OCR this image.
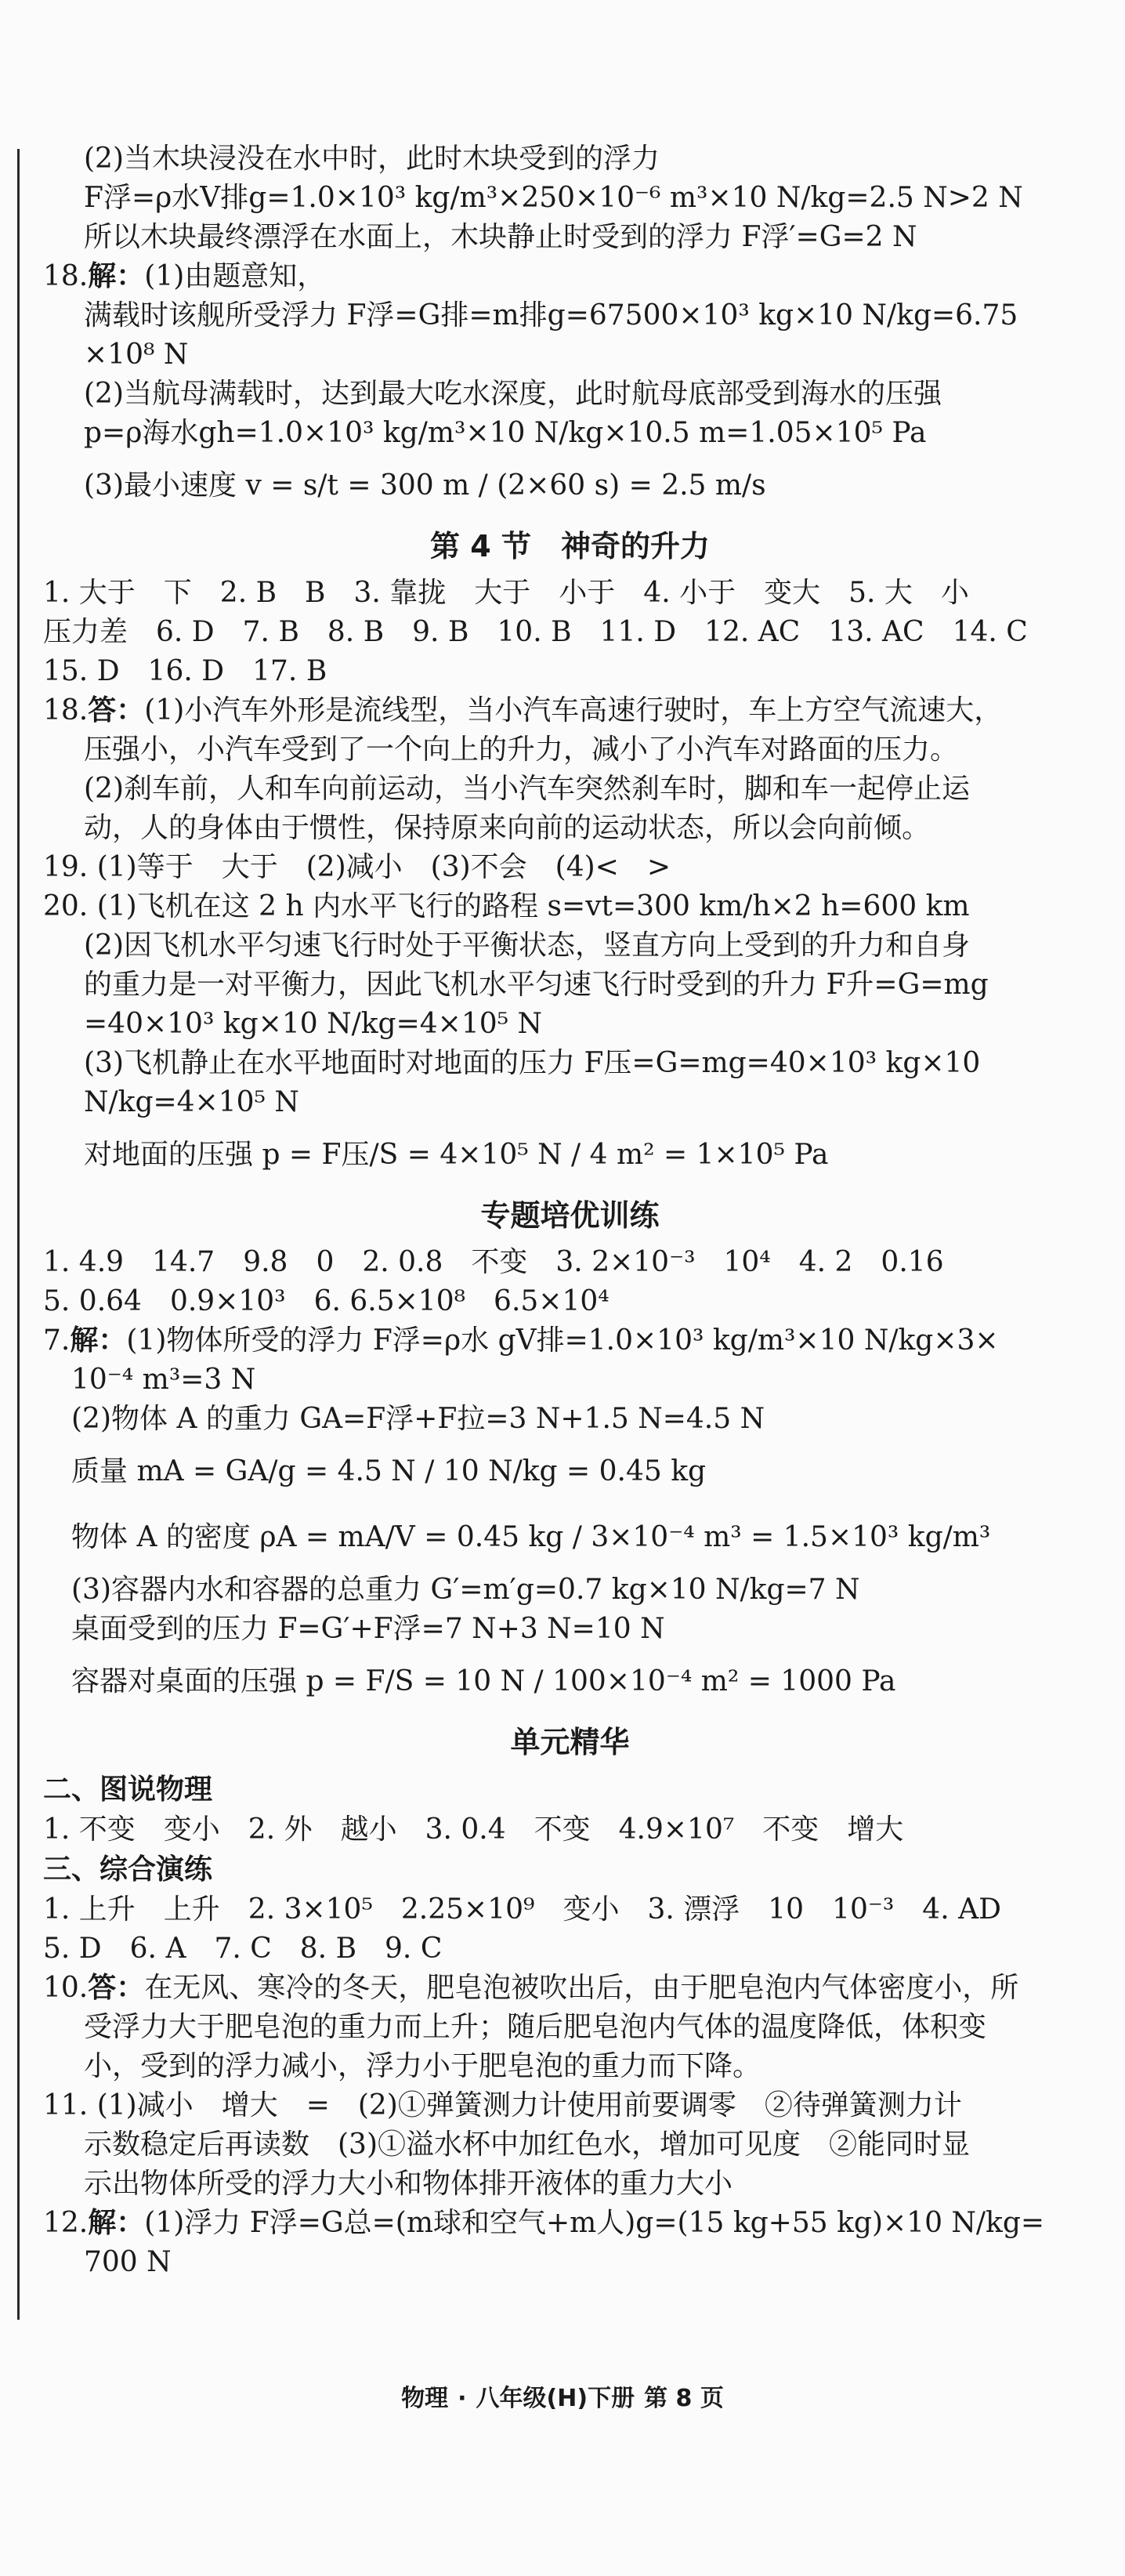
(2)当木块浸没在水中时，此时木块受到的浮力
F浮=ρ水V排g=1.0×10³ kg/m³×250×10⁻⁶ m³×10 N/kg=2.5 N>2 N
所以木块最终漂浮在水面上，木块静止时受到的浮力 F浮′=G=2 N
18.解：(1)由题意知，
满载时该舰所受浮力 F浮=G排=m排g=67500×10³ kg×10 N/kg=6.75
×10⁸ N
(2)当航母满载时，达到最大吃水深度，此时航母底部受到海水的压强
p=ρ海水gh=1.0×10³ kg/m³×10 N/kg×10.5 m=1.05×10⁵ Pa
(3)最小速度 v = s/t = 300 m / (2×60 s) = 2.5 m/s
第 4 节　神奇的升力
1. 大于　下　2. B　B　3. 靠拢　大于　小于　4. 小于　变大　5. 大　小
压力差　6. D　7. B　8. B　9. B　10. B　11. D　12. AC　13. AC　14. C
15. D　16. D　17. B
18.答：(1)小汽车外形是流线型，当小汽车高速行驶时，车上方空气流速大，
压强小，小汽车受到了一个向上的升力，减小了小汽车对路面的压力。
(2)刹车前，人和车向前运动，当小汽车突然刹车时，脚和车一起停止运
动，人的身体由于惯性，保持原来向前的运动状态，所以会向前倾。
19. (1)等于　大于　(2)减小　(3)不会　(4)<　>
20. (1)飞机在这 2 h 内水平飞行的路程 s=vt=300 km/h×2 h=600 km
(2)因飞机水平匀速飞行时处于平衡状态，竖直方向上受到的升力和自身
的重力是一对平衡力，因此飞机水平匀速飞行时受到的升力 F升=G=mg
=40×10³ kg×10 N/kg=4×10⁵ N
(3)飞机静止在水平地面时对地面的压力 F压=G=mg=40×10³ kg×10
N/kg=4×10⁵ N
对地面的压强 p = F压/S = 4×10⁵ N / 4 m² = 1×10⁵ Pa
专题培优训练
1. 4.9　14.7　9.8　0　2. 0.8　不变　3. 2×10⁻³　10⁴　4. 2　0.16
5. 0.64　0.9×10³　6. 6.5×10⁸　6.5×10⁴
7.解：(1)物体所受的浮力 F浮=ρ水 gV排=1.0×10³ kg/m³×10 N/kg×3×
10⁻⁴ m³=3 N
(2)物体 A 的重力 GA=F浮+F拉=3 N+1.5 N=4.5 N
质量 mA = GA/g = 4.5 N / 10 N/kg = 0.45 kg
物体 A 的密度 ρA = mA/V = 0.45 kg / 3×10⁻⁴ m³ = 1.5×10³ kg/m³
(3)容器内水和容器的总重力 G′=m′g=0.7 kg×10 N/kg=7 N
桌面受到的压力 F=G′+F浮=7 N+3 N=10 N
容器对桌面的压强 p = F/S = 10 N / 100×10⁻⁴ m² = 1000 Pa
单元精华
二、图说物理
1. 不变　变小　2. 外　越小　3. 0.4　不变　4.9×10⁷　不变　增大
三、综合演练
1. 上升　上升　2. 3×10⁵　2.25×10⁹　变小　3. 漂浮　10　10⁻³　4. AD
5. D　6. A　7. C　8. B　9. C
10.答：在无风、寒冷的冬天，肥皂泡被吹出后，由于肥皂泡内气体密度小，所
受浮力大于肥皂泡的重力而上升；随后肥皂泡内气体的温度降低，体积变
小，受到的浮力减小，浮力小于肥皂泡的重力而下降。
11. (1)减小　增大　=　(2)①弹簧测力计使用前要调零　②待弹簧测力计
示数稳定后再读数　(3)①溢水杯中加红色水，增加可见度　②能同时显
示出物体所受的浮力大小和物体排开液体的重力大小
12.解：(1)浮力 F浮=G总=(m球和空气+m人)g=(15 kg+55 kg)×10 N/kg=
700 N
物理 · 八年级(H)下册 第 8 页
